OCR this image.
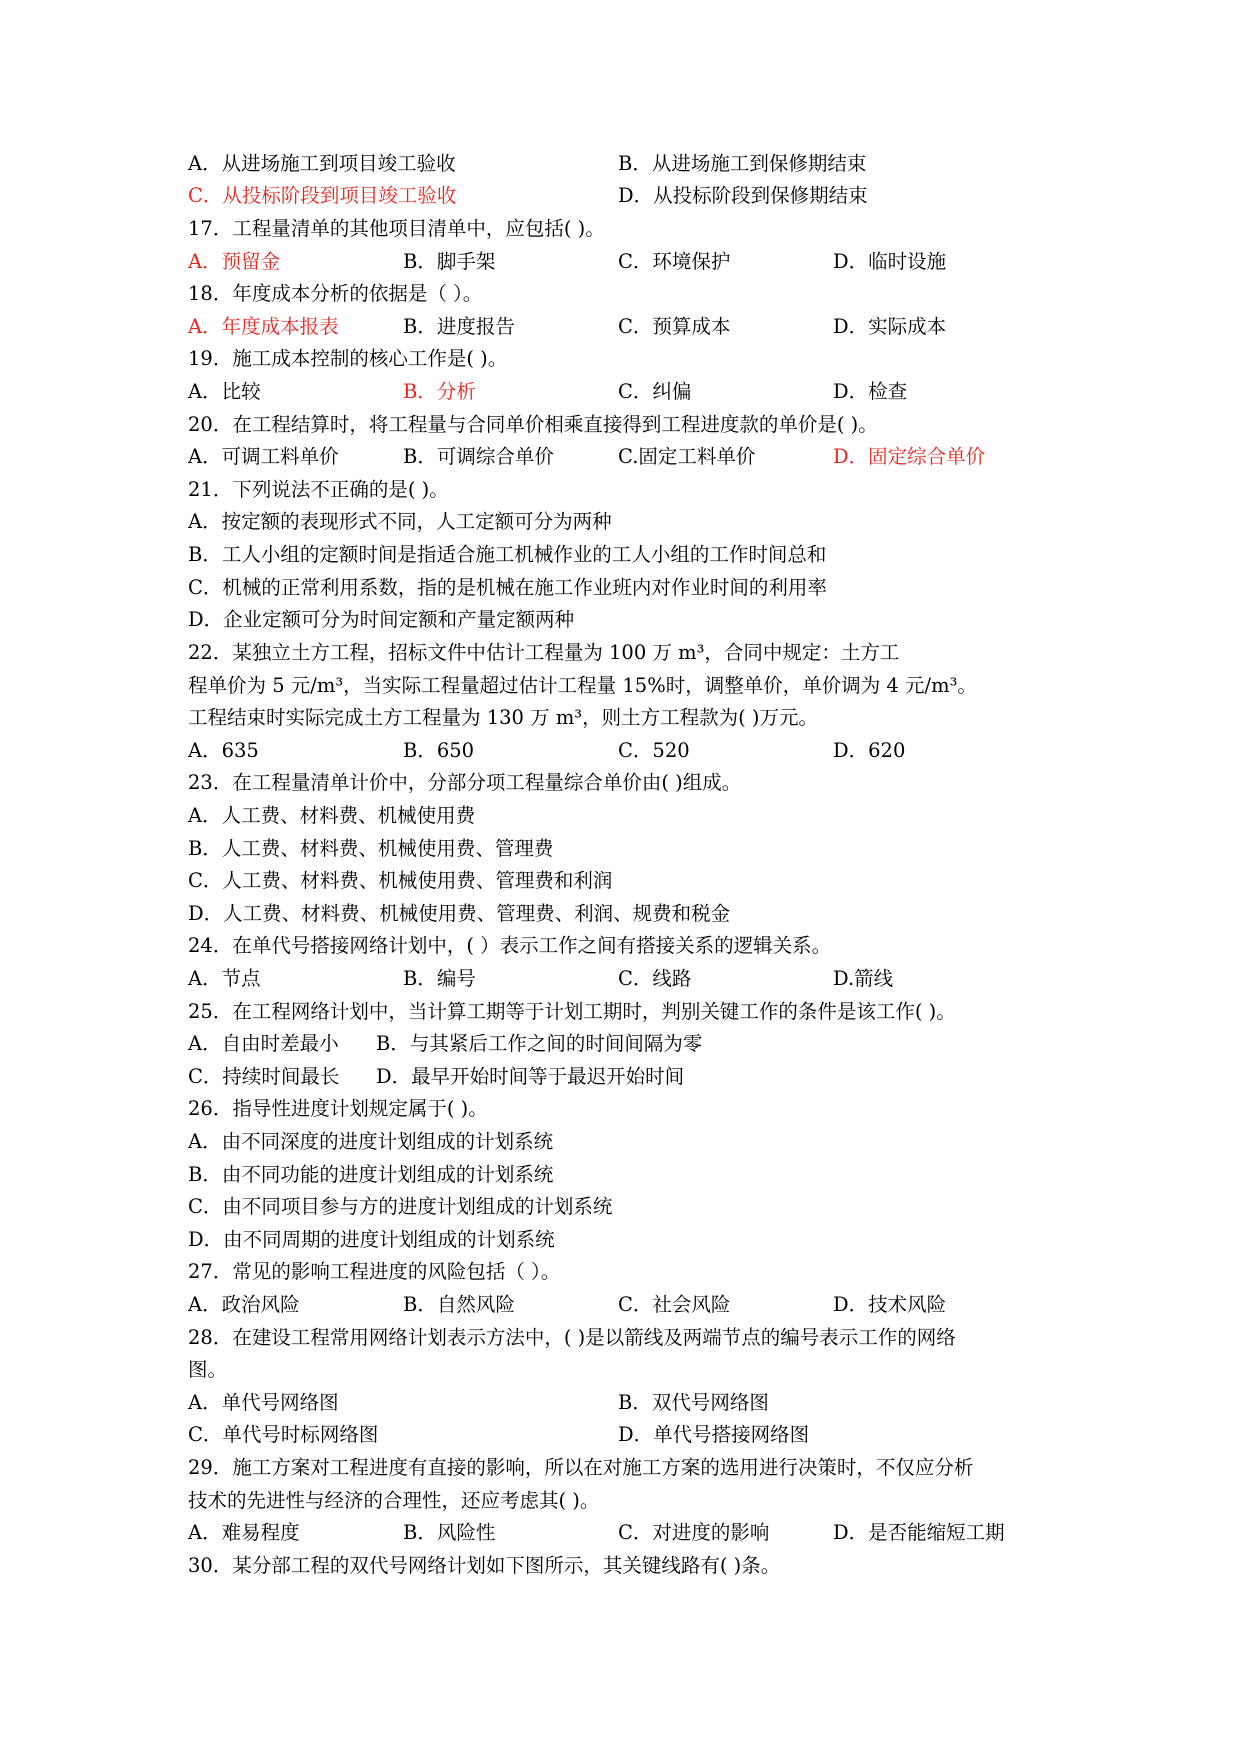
A．从进场施工到项目竣工验收	B．从进场施工到保修期结束
C．从投标阶段到项目竣工验收	D．从投标阶段到保修期结束
17．工程量清单的其他项目清单中，应包括( )。
A．预留金	B．脚手架	C．环境保护	D．临时设施
18．年度成本分析的依据是（ ）。
A．年度成本报表	B．进度报告	C．预算成本	D．实际成本
19．施工成本控制的核心工作是( )。
A．比较	B．分析	C．纠偏	D．检查
20．在工程结算时，将工程量与合同单价相乘直接得到工程进度款的单价是( )。
A．可调工料单价	B．可调综合单价	C.固定工料单价	D．固定综合单价
21．下列说法不正确的是( )。
A．按定额的表现形式不同，人工定额可分为两种
B．工人小组的定额时间是指适合施工机械作业的工人小组的工作时间总和
C．机械的正常利用系数，指的是机械在施工作业班内对作业时间的利用率
D．企业定额可分为时间定额和产量定额两种
22．某独立土方工程，招标文件中估计工程量为 100 万 m³，合同中规定：土方工
程单价为 5 元/m³，当实际工程量超过估计工程量 15%时，调整单价，单价调为 4 元/m³。
工程结束时实际完成土方工程量为 130 万 m³，则土方工程款为( )万元。
A．635	B．650	C．520	D．620
23．在工程量清单计价中，分部分项工程量综合单价由( )组成。
A．人工费、材料费、机械使用费
B．人工费、材料费、机械使用费、管理费
C．人工费、材料费、机械使用费、管理费和利润
D．人工费、材料费、机械使用费、管理费、利润、规费和税金
24．在单代号搭接网络计划中，( ）表示工作之间有搭接关系的逻辑关系。
A．节点	B．编号	C．线路	D.箭线
25．在工程网络计划中，当计算工期等于计划工期时，判别关键工作的条件是该工作( )。
A．自由时差最小 B．与其紧后工作之间的时间间隔为零
C．持续时间最长 D．最早开始时间等于最迟开始时间
26．指导性进度计划规定属于( )。
A．由不同深度的进度计划组成的计划系统
B．由不同功能的进度计划组成的计划系统
C．由不同项目参与方的进度计划组成的计划系统
D．由不同周期的进度计划组成的计划系统
27．常见的影响工程进度的风险包括（ ）。
A．政治风险	B．自然风险	C．社会风险	D．技术风险
28．在建设工程常用网络计划表示方法中，( )是以箭线及两端节点的编号表示工作的网络
图。
A．单代号网络图	B．双代号网络图
C．单代号时标网络图	D．单代号搭接网络图
29．施工方案对工程进度有直接的影响，所以在对施工方案的选用进行决策时，不仅应分析
技术的先进性与经济的合理性，还应考虑其( )。
A．难易程度	B．风险性	C．对进度的影响	D．是否能缩短工期
30．某分部工程的双代号网络计划如下图所示，其关键线路有( )条。
